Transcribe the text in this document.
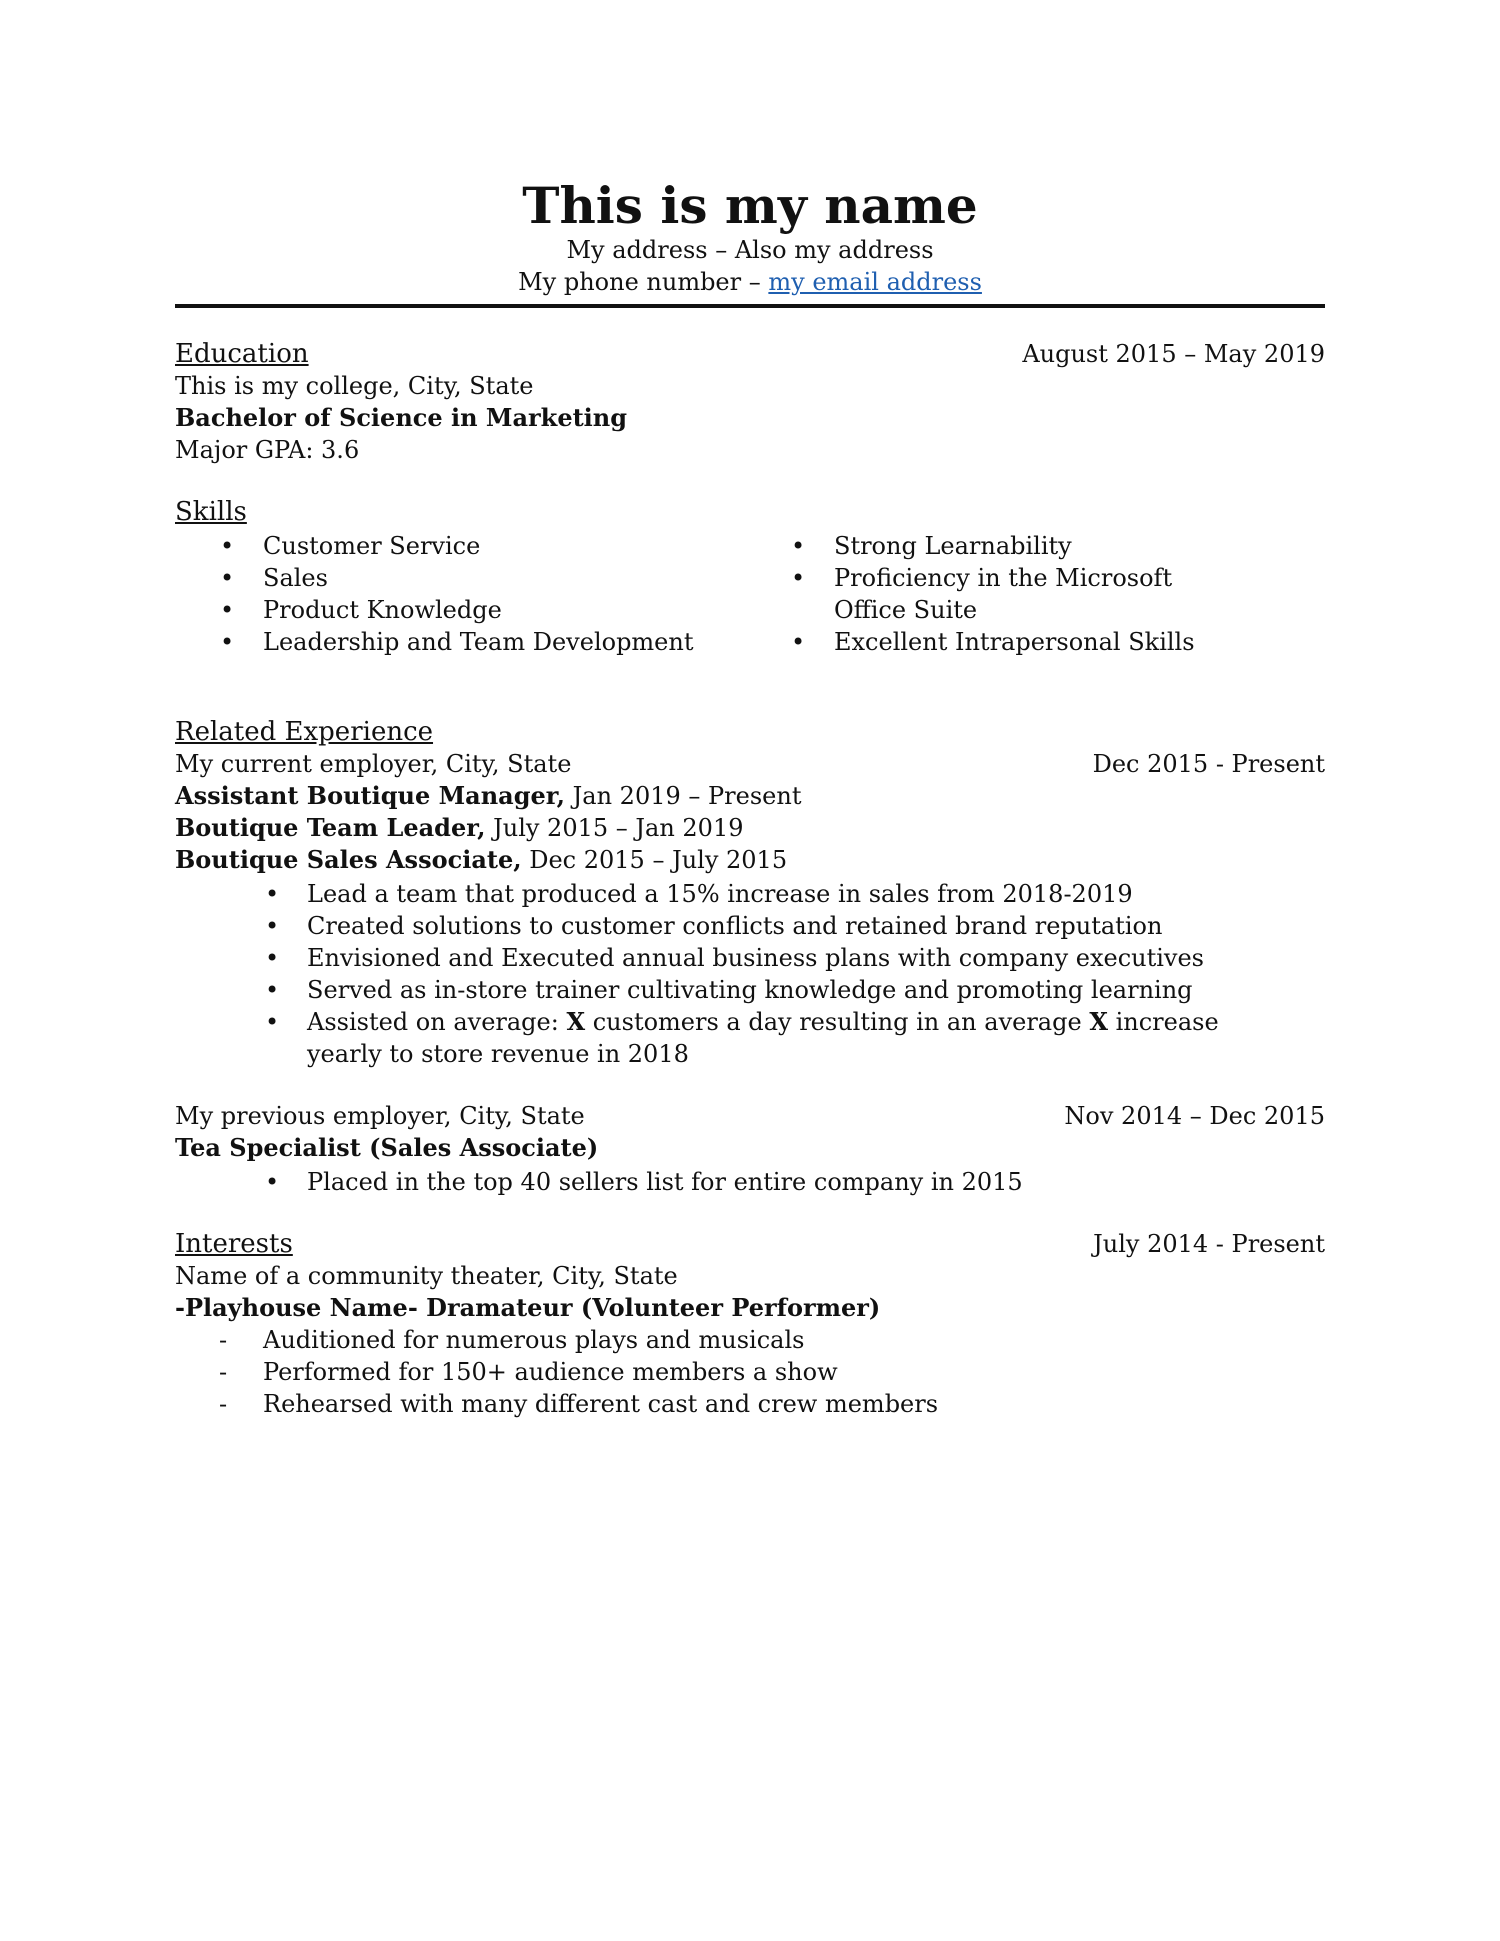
This is my name
My address – Also my address
My phone number – my email address
Education	August 2015 – May 2019
This is my college, City, State
Bachelor of Science in Marketing
Major GPA: 3.6
Skills
• Customer Service
• Sales
• Product Knowledge
• Leadership and Team Development
• Strong Learnability
• Proficiency in the Microsoft Office Suite
• Excellent Intrapersonal Skills
Related Experience
My current employer, City, State	Dec 2015 - Present
Assistant Boutique Manager, Jan 2019 – Present
Boutique Team Leader, July 2015 – Jan 2019
Boutique Sales Associate, Dec 2015 – July 2015
• Lead a team that produced a 15% increase in sales from 2018-2019
• Created solutions to customer conflicts and retained brand reputation
• Envisioned and Executed annual business plans with company executives
• Served as in-store trainer cultivating knowledge and promoting learning
• Assisted on average: X customers a day resulting in an average X increase yearly to store revenue in 2018
My previous employer, City, State	Nov 2014 – Dec 2015
Tea Specialist (Sales Associate)
• Placed in the top 40 sellers list for entire company in 2015
Interests	July 2014 - Present
Name of a community theater, City, State
-Playhouse Name- Dramateur (Volunteer Performer)
- Auditioned for numerous plays and musicals
- Performed for 150+ audience members a show
- Rehearsed with many different cast and crew members
